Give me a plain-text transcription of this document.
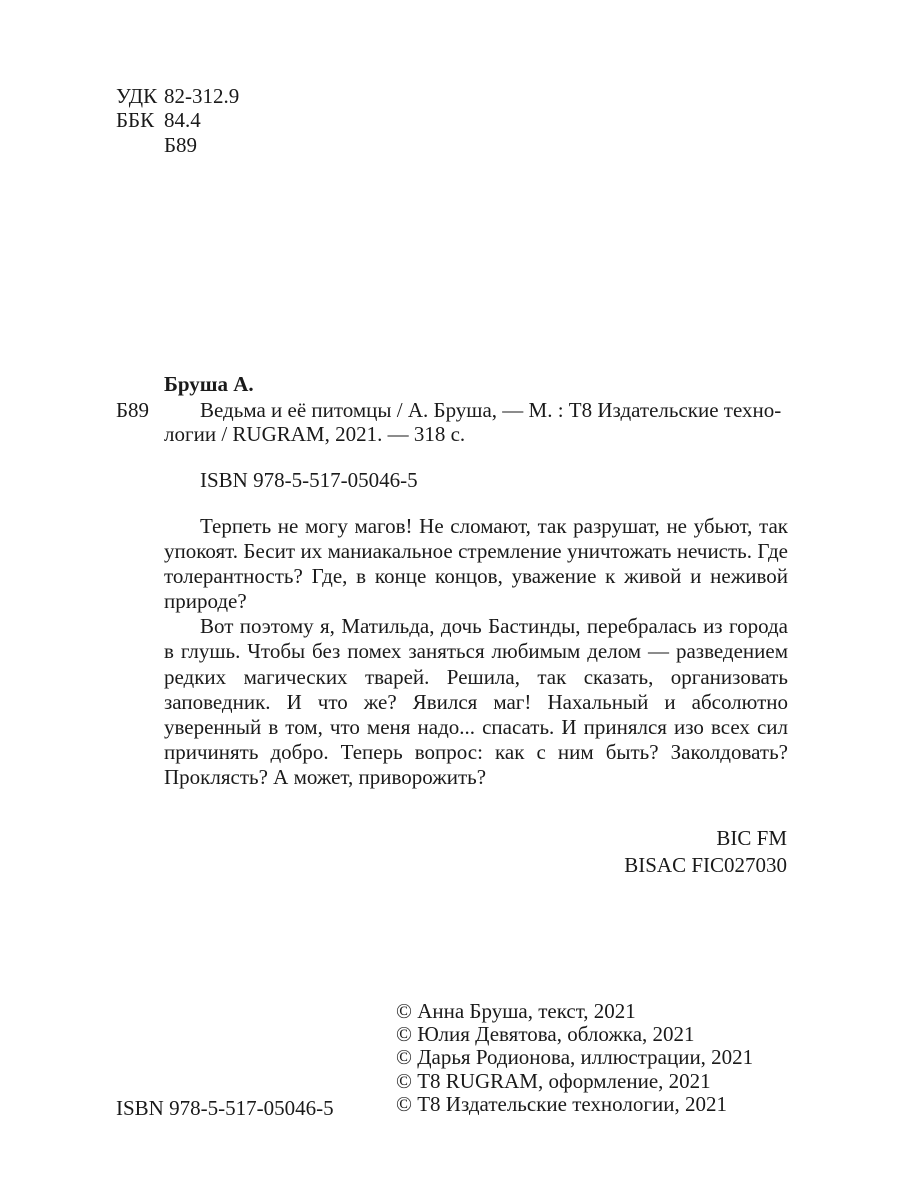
УДК 82-312.9
ББК 84.4
Б89
Бруша А.
Б89 Ведьма и её питомцы / А. Бруша, — М. : Т8 Издательские техно-
логии / RUGRAM, 2021. — 318 с.
ISBN 978-5-517-05046-5

Терпеть не могу магов! Не сломают, так разрушат, не убьют, так упокоят. Бесит их маниакальное стремление уничтожать нечисть. Где толерантность? Где, в конце концов, уважение к живой и неживой природе?

Вот поэтому я, Матильда, дочь Бастинды, перебралась из города в глушь. Чтобы без помех заняться любимым делом — разведением редких магических тварей. Решила, так сказать, организовать заповедник. И что же? Явился маг! Нахальный и абсолютно уверенный в том, что меня надо... спасать. И принялся изо всех сил причинять добро. Теперь вопрос: как с ним быть? Заколдовать? Проклясть? А может, приворожить?

BIC FM
BISAC FIC027030
© Анна Бруша, текст, 2021
© Юлия Девятова, обложка, 2021
© Дарья Родионова, иллюстрации, 2021
© Т8 RUGRAM, оформление, 2021
© Т8 Издательские технологии, 2021
ISBN 978-5-517-05046-5
